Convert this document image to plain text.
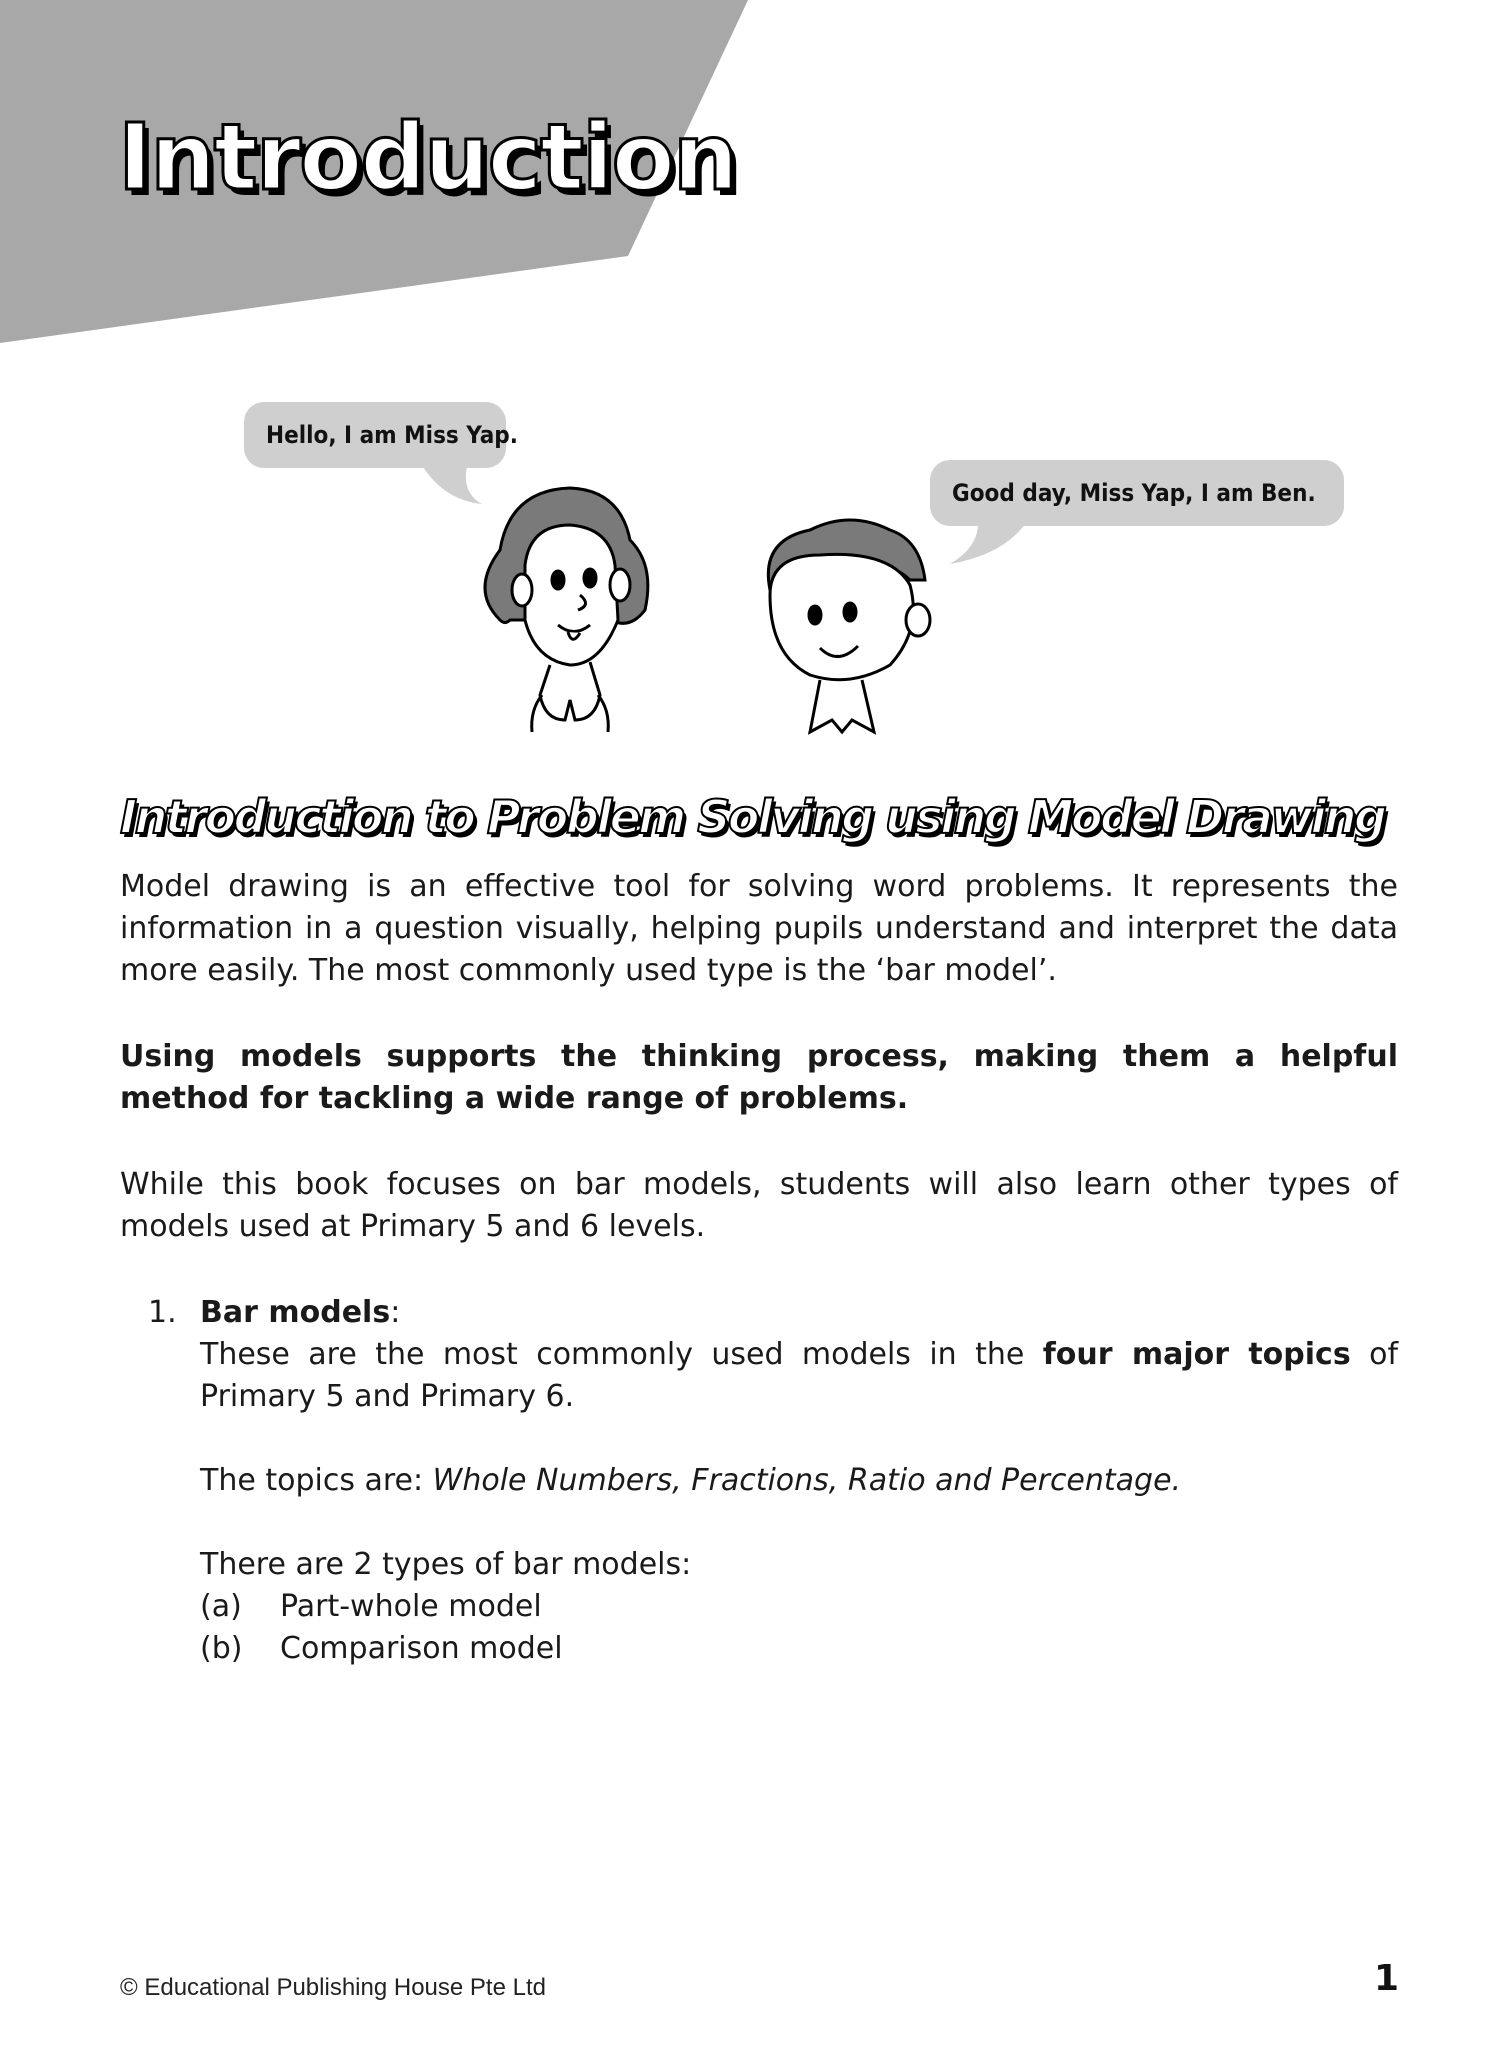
Introduction
Hello, I am Miss Yap.
Good day, Miss Yap, I am Ben.
Introduction to Problem Solving using Model Drawing

Model drawing is an effective tool for solving word problems. It represents the information in a question visually, helping pupils understand and interpret the data more easily. The most commonly used type is the ‘bar model’.

Using models supports the thinking process, making them a helpful method for tackling a wide range of problems.

While this book focuses on bar models, students will also learn other types of models used at Primary 5 and 6 levels.

1. Bar models:

These are the most commonly used models in the four major topics of Primary 5 and Primary 6.

The topics are: Whole Numbers, Fractions, Ratio and Percentage.

There are 2 types of bar models:

(a) Part-whole model
(b) Comparison model
© Educational Publishing House Pte Ltd	1
